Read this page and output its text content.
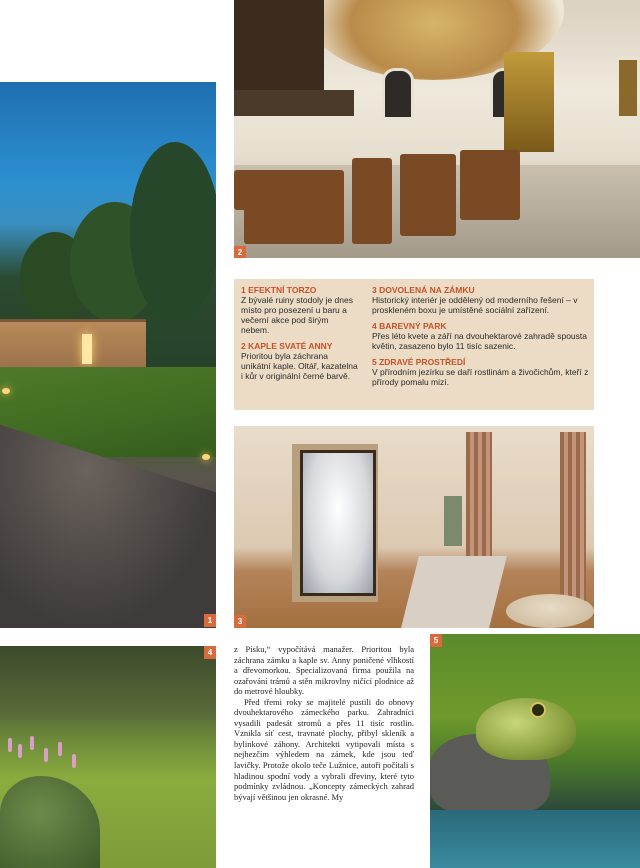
1
2

1 EFEKTNÍ TORZO

Z bývalé ruiny stodoly je dnes místo pro posezení u baru a večerní akce pod širým nebem.

2 KAPLE SVATÉ ANNY

Prioritou byla záchrana unikátní kaple. Oltář, kazatelna i kůr v originální černé barvě.

3 DOVOLENÁ NA ZÁMKU

Historický interiér je oddělený od moderního řešení – v proskleném boxu je umístěné sociální zařízení.

4 BAREVNÝ PARK

Přes léto kvete a září na dvouhektarové zahradě spousta květin, zasazeno bylo 11 tisíc sazenic.

5 ZDRAVÉ PROSTŘEDÍ

V přírodním jezírku se daří rostlinám a živočichům, kteří z přírody pomalu mizí.

3
4
5

z Písku,“ vypočítává manažer. Prioritou byla záchrana zámku a kaple sv. Anny poničené vlhkostí a dřevomorkou. Specializovaná firma použila na ozařování trámů a stěn mikrovlny ničící plodnice až do metrové hloubky.

Před třemi roky se majitelé pustili do obnovy dvouhektarového zámeckého parku. Zahradníci vysadili padesát stromů a přes 11 tisíc rostlin. Vznikla síť cest, travnaté plochy, přibyl skleník a bylinkové záhony. Architekti vytipovali místa s nejhezčím výhledem na zámek, kde jsou teď lavičky. Protože okolo teče Lužnice, autoři počítali s hladinou spodní vody a vybrali dřeviny, které tyto podmínky zvládnou. „Koncepty zámeckých zahrad bývají většinou jen okrasné. My
